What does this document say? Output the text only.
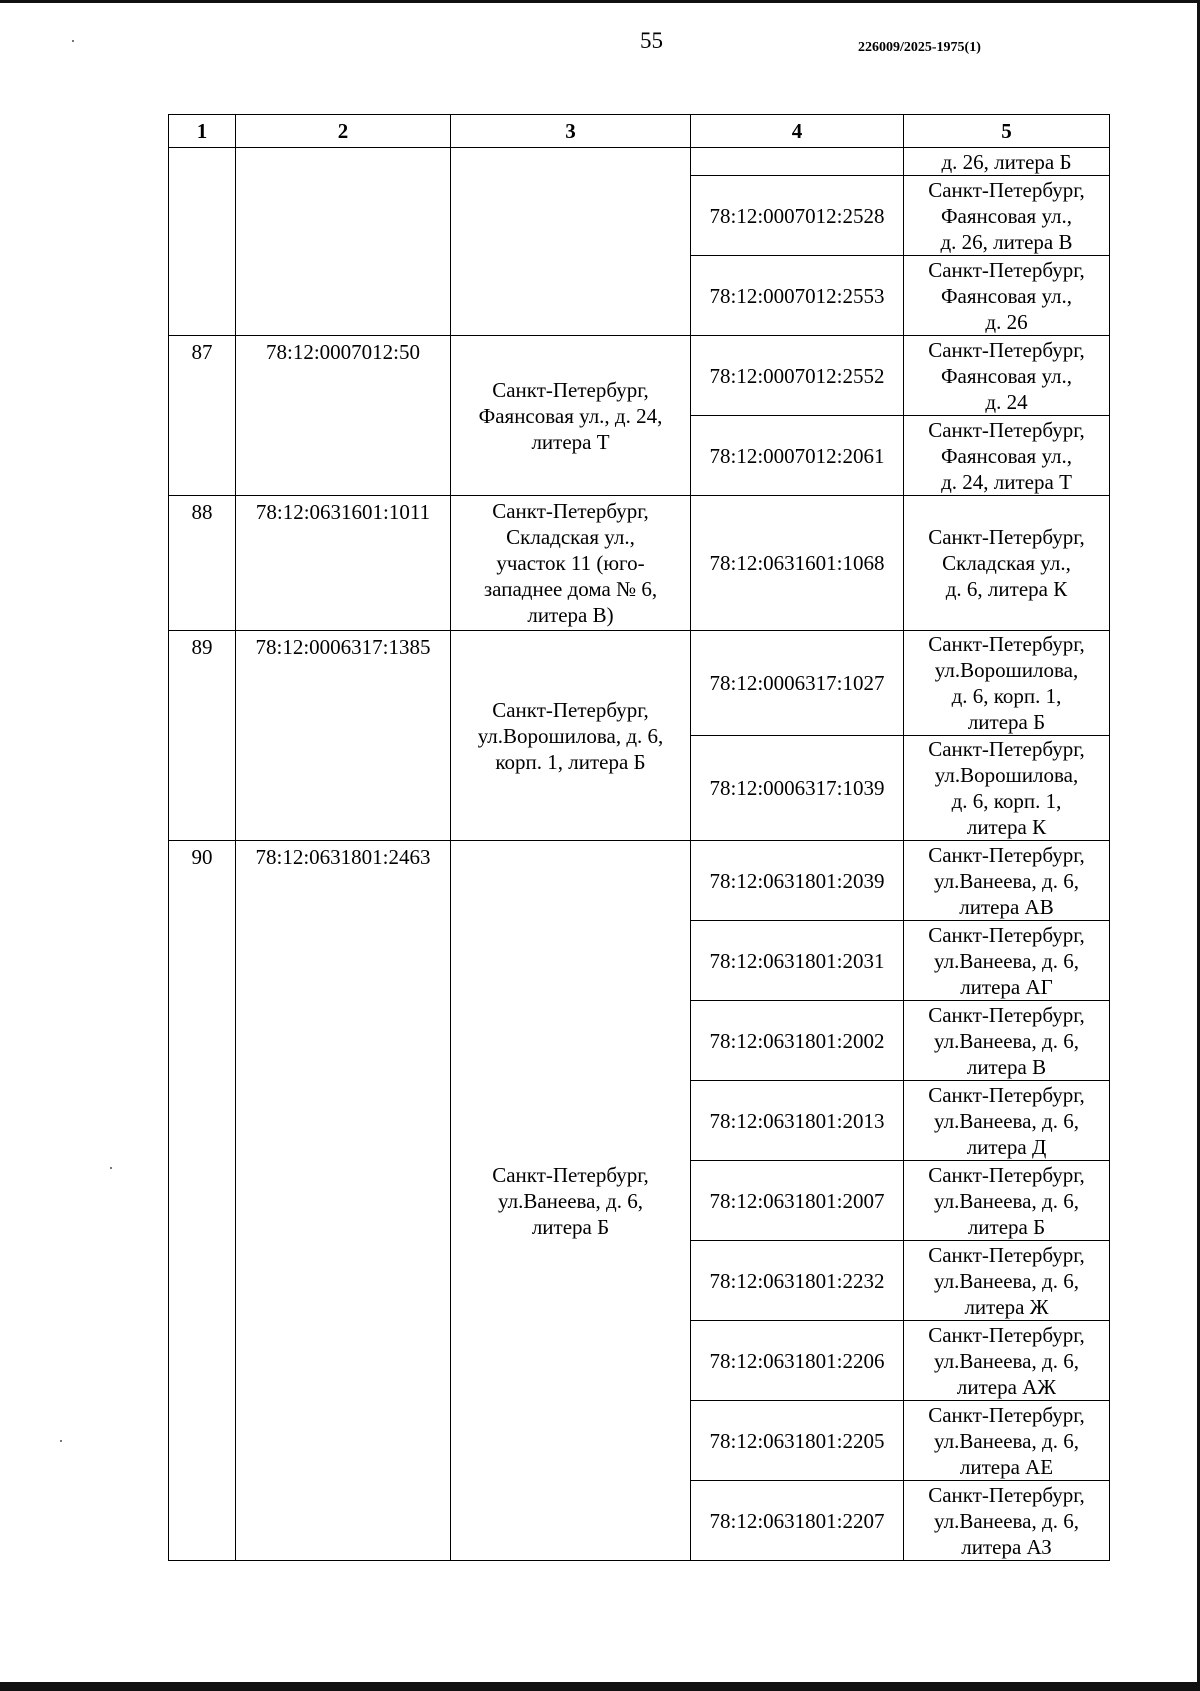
55	226009/2025-1975(1)
1	2	3	4	5

				д. 26, литера Б

			78:12:0007012:2528	Санкт-Петербург,
Фаянсовая ул.,
д. 26, литера В

			78:12:0007012:2553	Санкт-Петербург,
Фаянсовая ул.,
д. 26

87	78:12:0007012:50	Санкт-Петербург,
Фаянсовая ул., д. 24,
литера Т	78:12:0007012:2552	Санкт-Петербург,
Фаянсовая ул.,
д. 24

			78:12:0007012:2061	Санкт-Петербург,
Фаянсовая ул.,
д. 24, литера Т

88	78:12:0631601:1011	Санкт-Петербург,
Складская ул.,
участок 11 (юго-
западнее дома № 6,
литера В)	78:12:0631601:1068	Санкт-Петербург,
Складская ул.,
д. 6, литера К

89	78:12:0006317:1385	Санкт-Петербург,
ул.Ворошилова, д. 6,
корп. 1, литера Б	78:12:0006317:1027	Санкт-Петербург,
ул.Ворошилова,
д. 6, корп. 1,
литера Б

			78:12:0006317:1039	Санкт-Петербург,
ул.Ворошилова,
д. 6, корп. 1,
литера К

90	78:12:0631801:2463	Санкт-Петербург,
ул.Ванеева, д. 6,
литера Б	78:12:0631801:2039	Санкт-Петербург,
ул.Ванеева, д. 6,
литера АВ

			78:12:0631801:2031	Санкт-Петербург,
ул.Ванеева, д. 6,
литера АГ

			78:12:0631801:2002	Санкт-Петербург,
ул.Ванеева, д. 6,
литера В

			78:12:0631801:2013	Санкт-Петербург,
ул.Ванеева, д. 6,
литера Д

			78:12:0631801:2007	Санкт-Петербург,
ул.Ванеева, д. 6,
литера Б

			78:12:0631801:2232	Санкт-Петербург,
ул.Ванеева, д. 6,
литера Ж

			78:12:0631801:2206	Санкт-Петербург,
ул.Ванеева, д. 6,
литера АЖ

			78:12:0631801:2205	Санкт-Петербург,
ул.Ванеева, д. 6,
литера АЕ

			78:12:0631801:2207	Санкт-Петербург,
ул.Ванеева, д. 6,
литера АЗ
